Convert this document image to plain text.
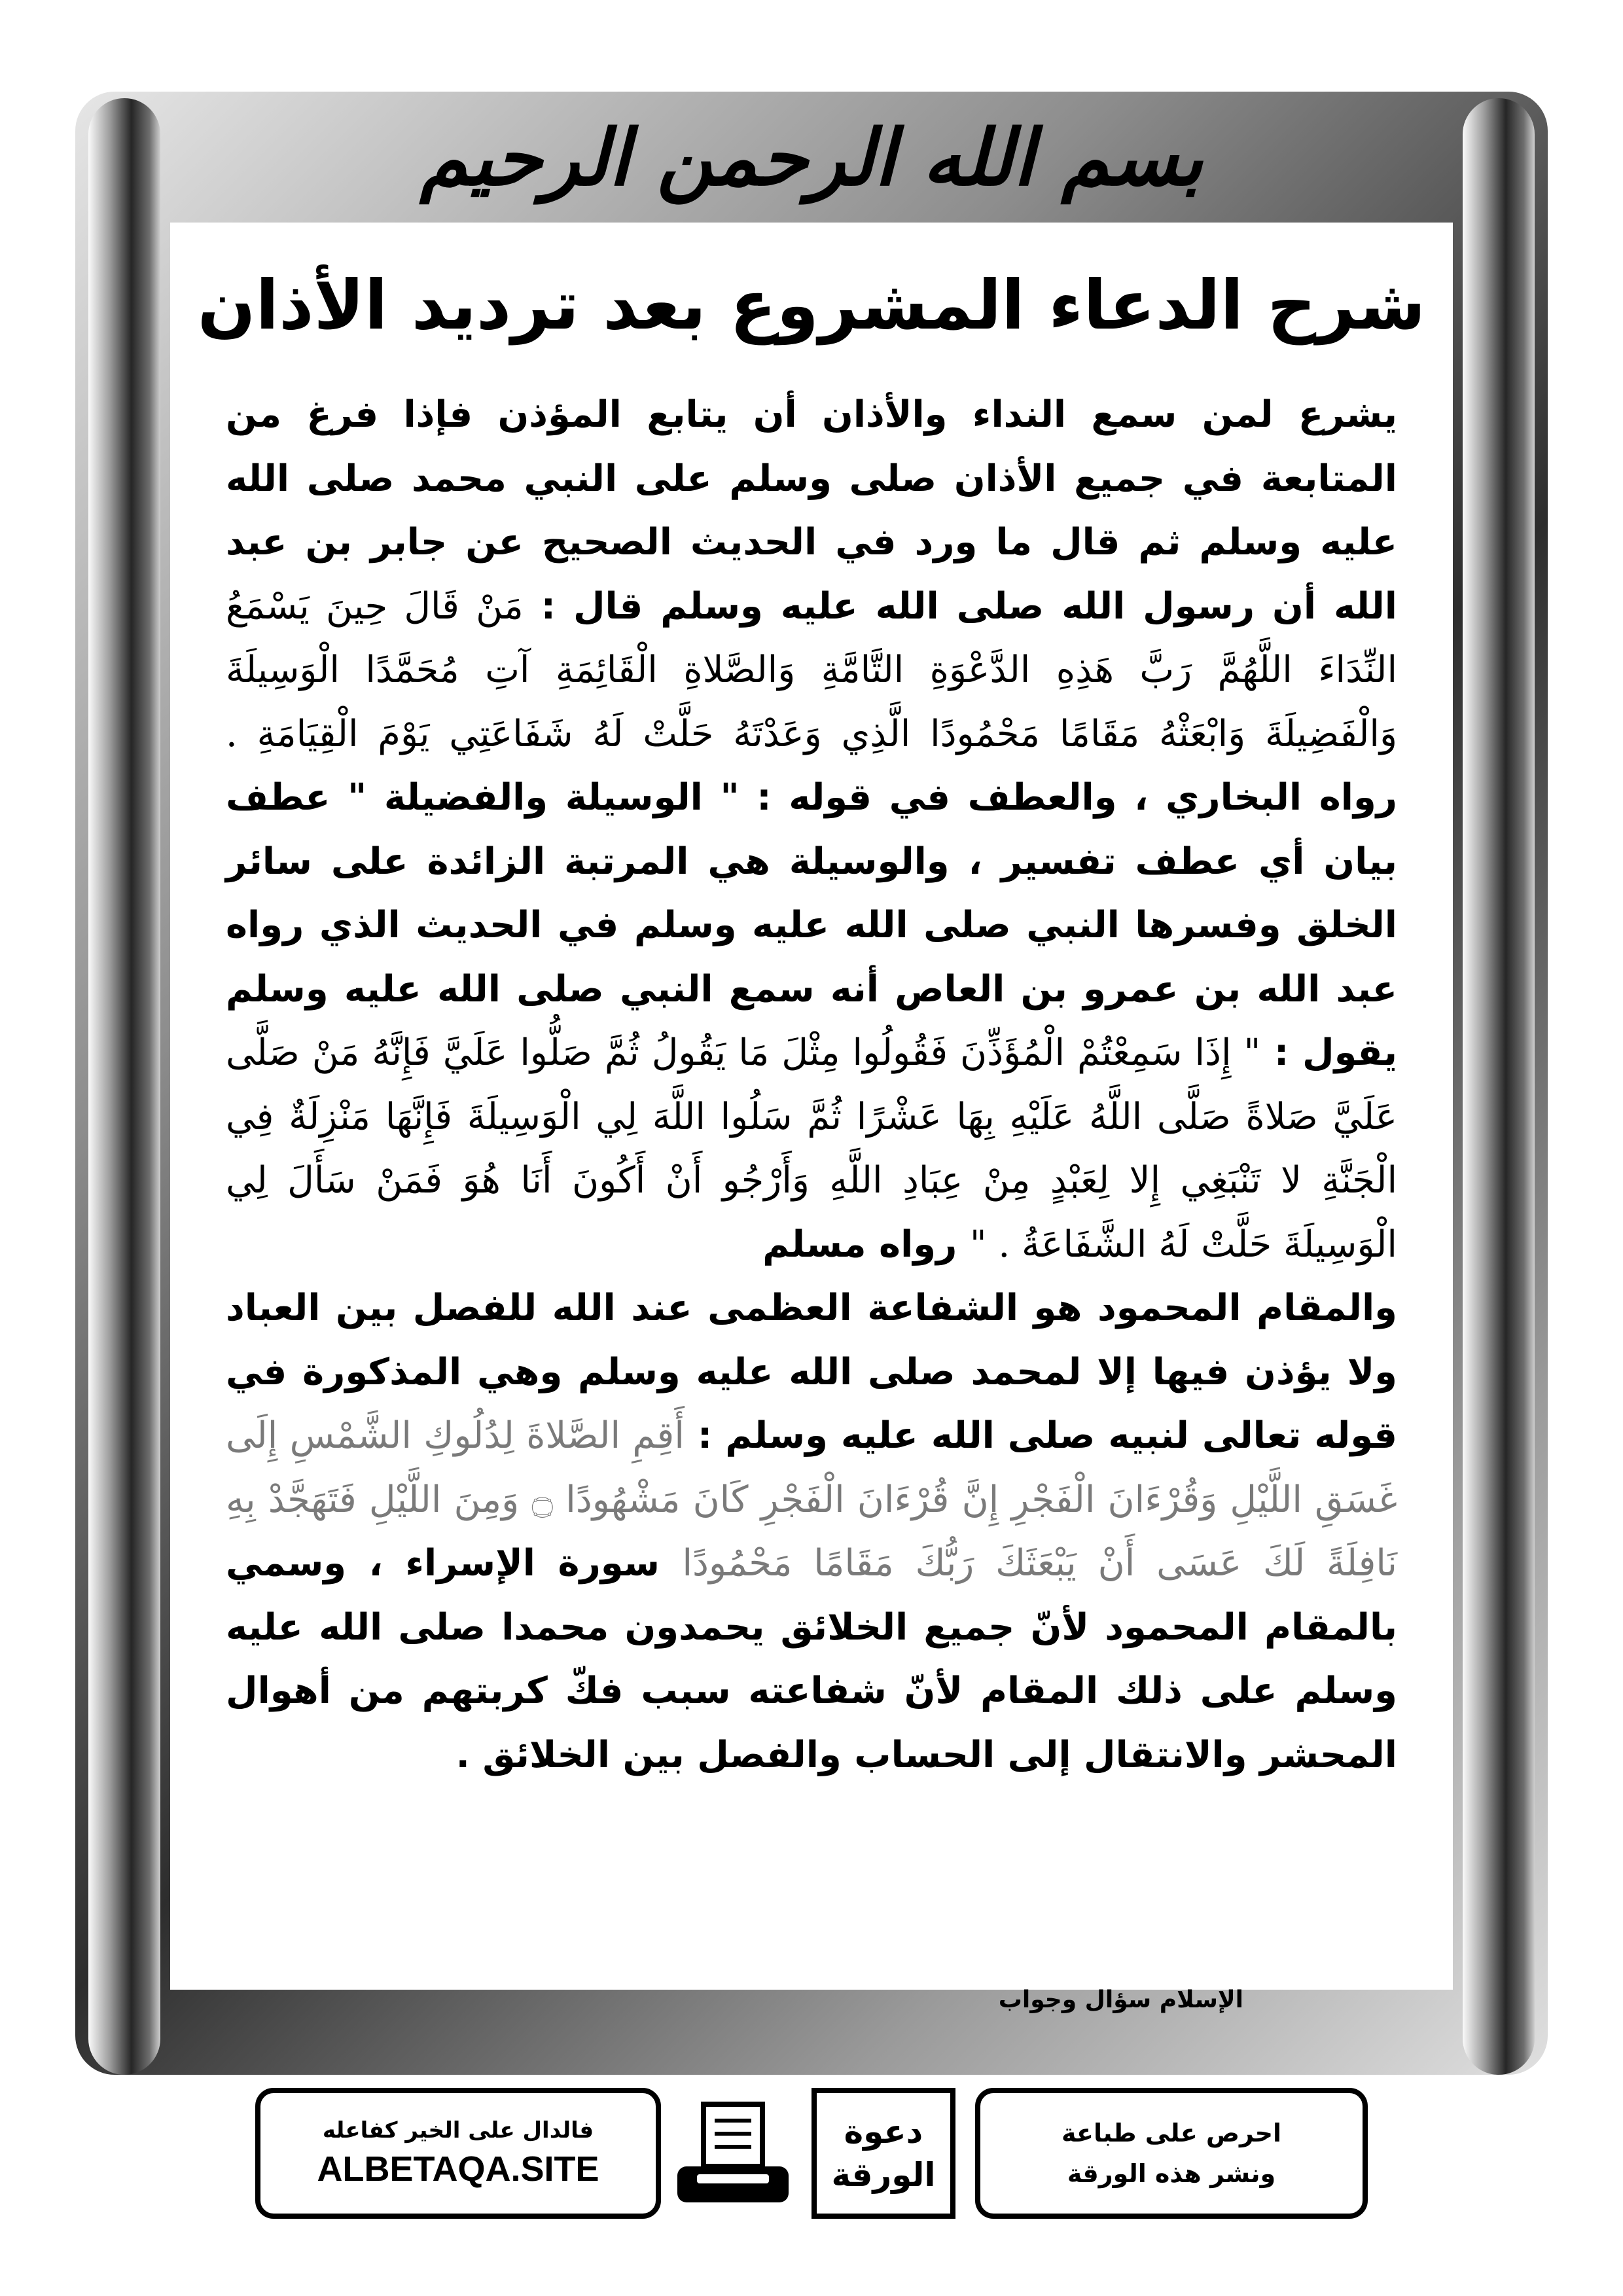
بسم الله الرحمن الرحيم
شرح الدعاء المشروع بعد ترديد الأذان
يشرع لمن سمع النداء والأذان أن يتابع المؤذن فإذا فرغ من المتابعة في جميع الأذان صلى وسلم على النبي محمد صلى الله عليه وسلم ثم قال ما ورد في الحديث الصحيح عن جابر بن عبد الله أن رسول الله صلى الله عليه وسلم قال : مَنْ قَالَ حِينَ يَسْمَعُ النِّدَاءَ اللَّهُمَّ رَبَّ هَذِهِ الدَّعْوَةِ التَّامَّةِ وَالصَّلاةِ الْقَائِمَةِ آتِ مُحَمَّدًا الْوَسِيلَةَ وَالْفَضِيلَةَ وَابْعَثْهُ مَقَامًا مَحْمُودًا الَّذِي وَعَدْتَهُ حَلَّتْ لَهُ شَفَاعَتِي يَوْمَ الْقِيَامَةِ . رواه البخاري ، والعطف في قوله : " الوسيلة والفضيلة " عطف بيان أي عطف تفسير ، والوسيلة هي المرتبة الزائدة على سائر الخلق وفسرها النبي صلى الله عليه وسلم في الحديث الذي رواه عبد الله بن عمرو بن العاص أنه سمع النبي صلى الله عليه وسلم يقول : " إِذَا سَمِعْتُمْ الْمُؤَذِّنَ فَقُولُوا مِثْلَ مَا يَقُولُ ثُمَّ صَلُّوا عَلَيَّ فَإِنَّهُ مَنْ صَلَّى عَلَيَّ صَلاةً صَلَّى اللَّهُ عَلَيْهِ بِهَا عَشْرًا ثُمَّ سَلُوا اللَّهَ لِي الْوَسِيلَةَ فَإِنَّهَا مَنْزِلَةٌ فِي الْجَنَّةِ لا تَنْبَغِي إِلا لِعَبْدٍ مِنْ عِبَادِ اللَّهِ وَأَرْجُو أَنْ أَكُونَ أَنَا هُوَ فَمَنْ سَأَلَ لِي الْوَسِيلَةَ حَلَّتْ لَهُ الشَّفَاعَةُ . " رواه مسلم
والمقام المحمود هو الشفاعة العظمى عند الله للفصل بين العباد ولا يؤذن فيها إلا لمحمد صلى الله عليه وسلم وهي المذكورة في قوله تعالى لنبيه صلى الله عليه وسلم : أَقِمِ الصَّلاةَ لِدُلُوكِ الشَّمْسِ إِلَى غَسَقِ اللَّيْلِ وَقُرْءَانَ الْفَجْرِ إِنَّ قُرْءَانَ الْفَجْرِ كَانَ مَشْهُودًا ۝ وَمِنَ اللَّيْلِ فَتَهَجَّدْ بِهِ نَافِلَةً لَكَ عَسَى أَنْ يَبْعَثَكَ رَبُّكَ مَقَامًا مَحْمُودًا سورة الإسراء ، وسمي بالمقام المحمود لأنّ جميع الخلائق يحمدون محمدا صلى الله عليه وسلم على ذلك المقام لأنّ شفاعته سبب فكّ كربتهم من أهوال المحشر والانتقال إلى الحساب والفصل بين الخلائق .
الإسلام سؤال وجواب
فالدال على الخير كفاعله
ALBETAQA.SITE
دعوة
الورقة
احرص على طباعة
ونشر هذه الورقة
